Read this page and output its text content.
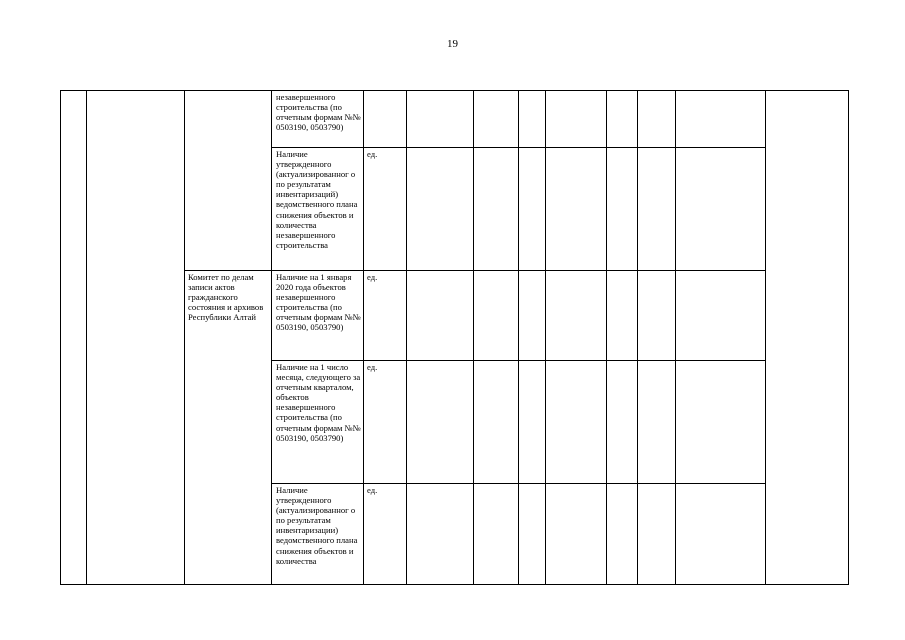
19
			незавершенного строительства (по отчетным формам №№ 0503190, 0503790)									
			Наличие утвержденного (актуализированног о по результатам инвентаризаций) ведомственного плана снижения объектов и количества незавершенного строительства	ед.								
		Комитет по делам записи актов гражданского состояния и архивов Республики Алтай	Наличие на 1 января 2020 года объектов незавершенного строительства (по отчетным формам №№ 0503190, 0503790)	ед.								
			Наличие на 1 число месяца, следующего за отчетным кварталом, объектов незавершенного строительства (по отчетным формам №№ 0503190, 0503790)	ед.								
			Наличие утвержденного (актуализированног о по результатам инвентаризации) ведомственного плана снижения объектов и количества	ед.								
